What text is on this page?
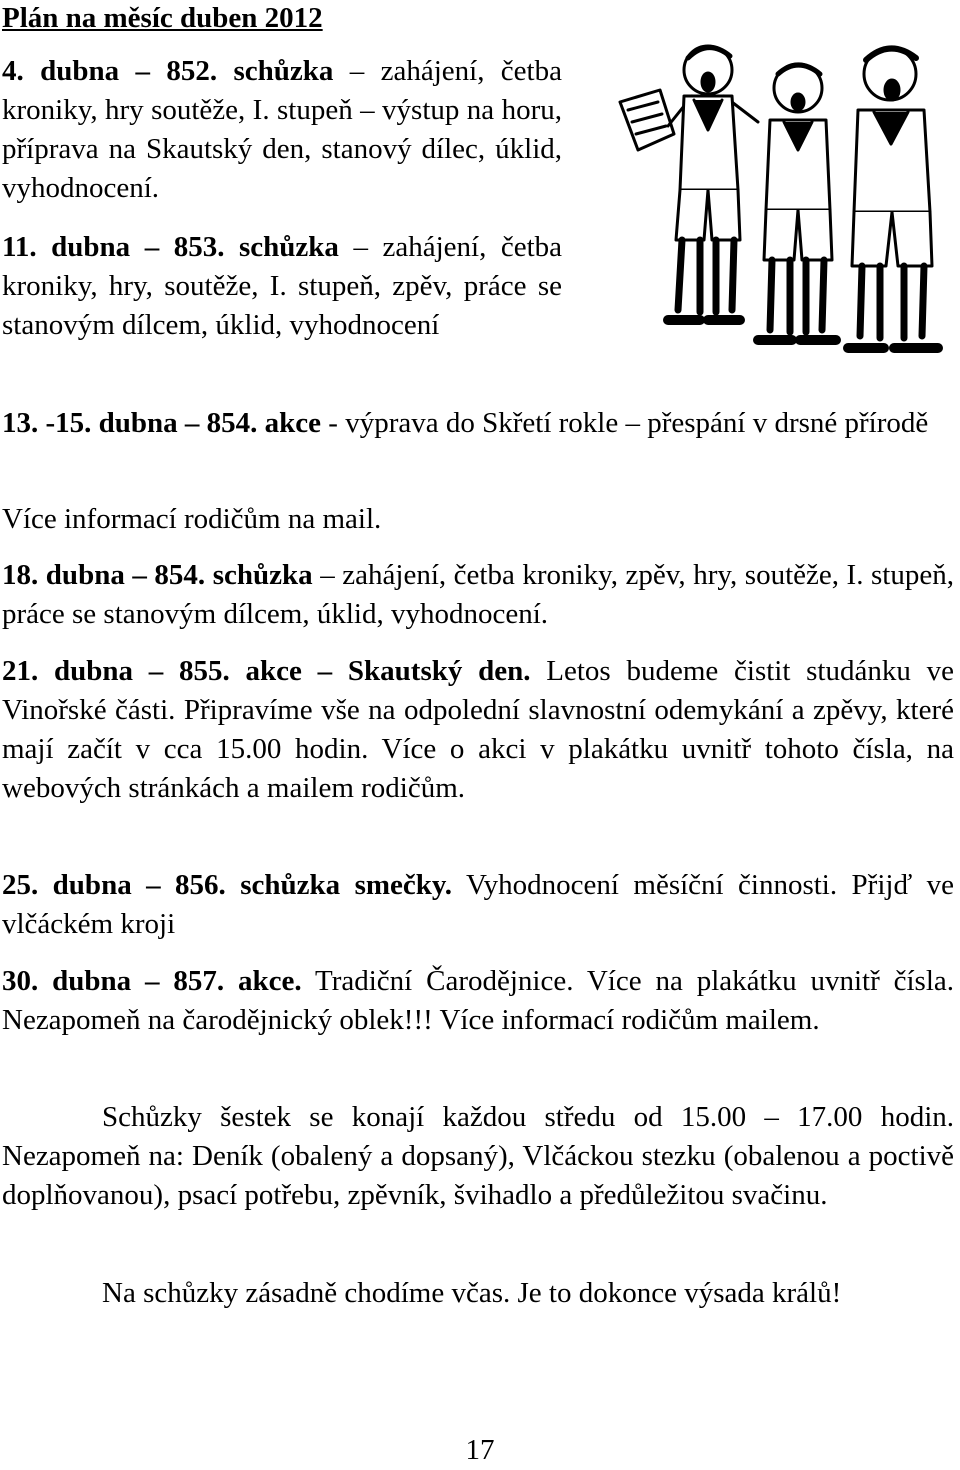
Plán na měsíc duben 2012
4. dubna – 852. schůzka – zahájení, četba kroniky, hry soutěže, I. stupeň – výstup na horu, příprava na Skautský den, stanový dílec, úklid, vyhodnocení.
11. dubna – 853. schůzka – zahájení, četba kroniky, hry, soutěže, I. stupeň, zpěv, práce se stanovým dílcem, úklid, vyhodnocení
13. -15. dubna – 854. akce - výprava do Skřetí rokle – přespání v drsné přírodě
Více informací rodičům na mail.
18. dubna – 854. schůzka – zahájení, četba kroniky, zpěv, hry, soutěže, I. stupeň, práce se stanovým dílcem, úklid, vyhodnocení.
21. dubna – 855. akce – Skautský den. Letos budeme čistit studánku ve Vinořské části. Připravíme vše na odpolední slavnostní odemykání a zpěvy, které mají začít v cca 15.00 hodin. Více o akci v plakátku uvnitř tohoto čísla, na webových stránkách a mailem rodičům.
25. dubna – 856. schůzka smečky. Vyhodnocení měsíční činnosti. Přijď ve vlčáckém kroji
30. dubna – 857. akce. Tradiční Čarodějnice. Více na plakátku uvnitř čísla. Nezapomeň na čarodějnický oblek!!! Více informací rodičům mailem.
Schůzky šestek se konají každou středu od 15.00 – 17.00 hodin. Nezapomeň na: Deník (obalený a dopsaný), Vlčáckou stezku (obalenou a poctivě doplňovanou), psací potřebu, zpěvník, švihadlo a předůležitou svačinu.
Na schůzky zásadně chodíme včas. Je to dokonce výsada králů!
17
